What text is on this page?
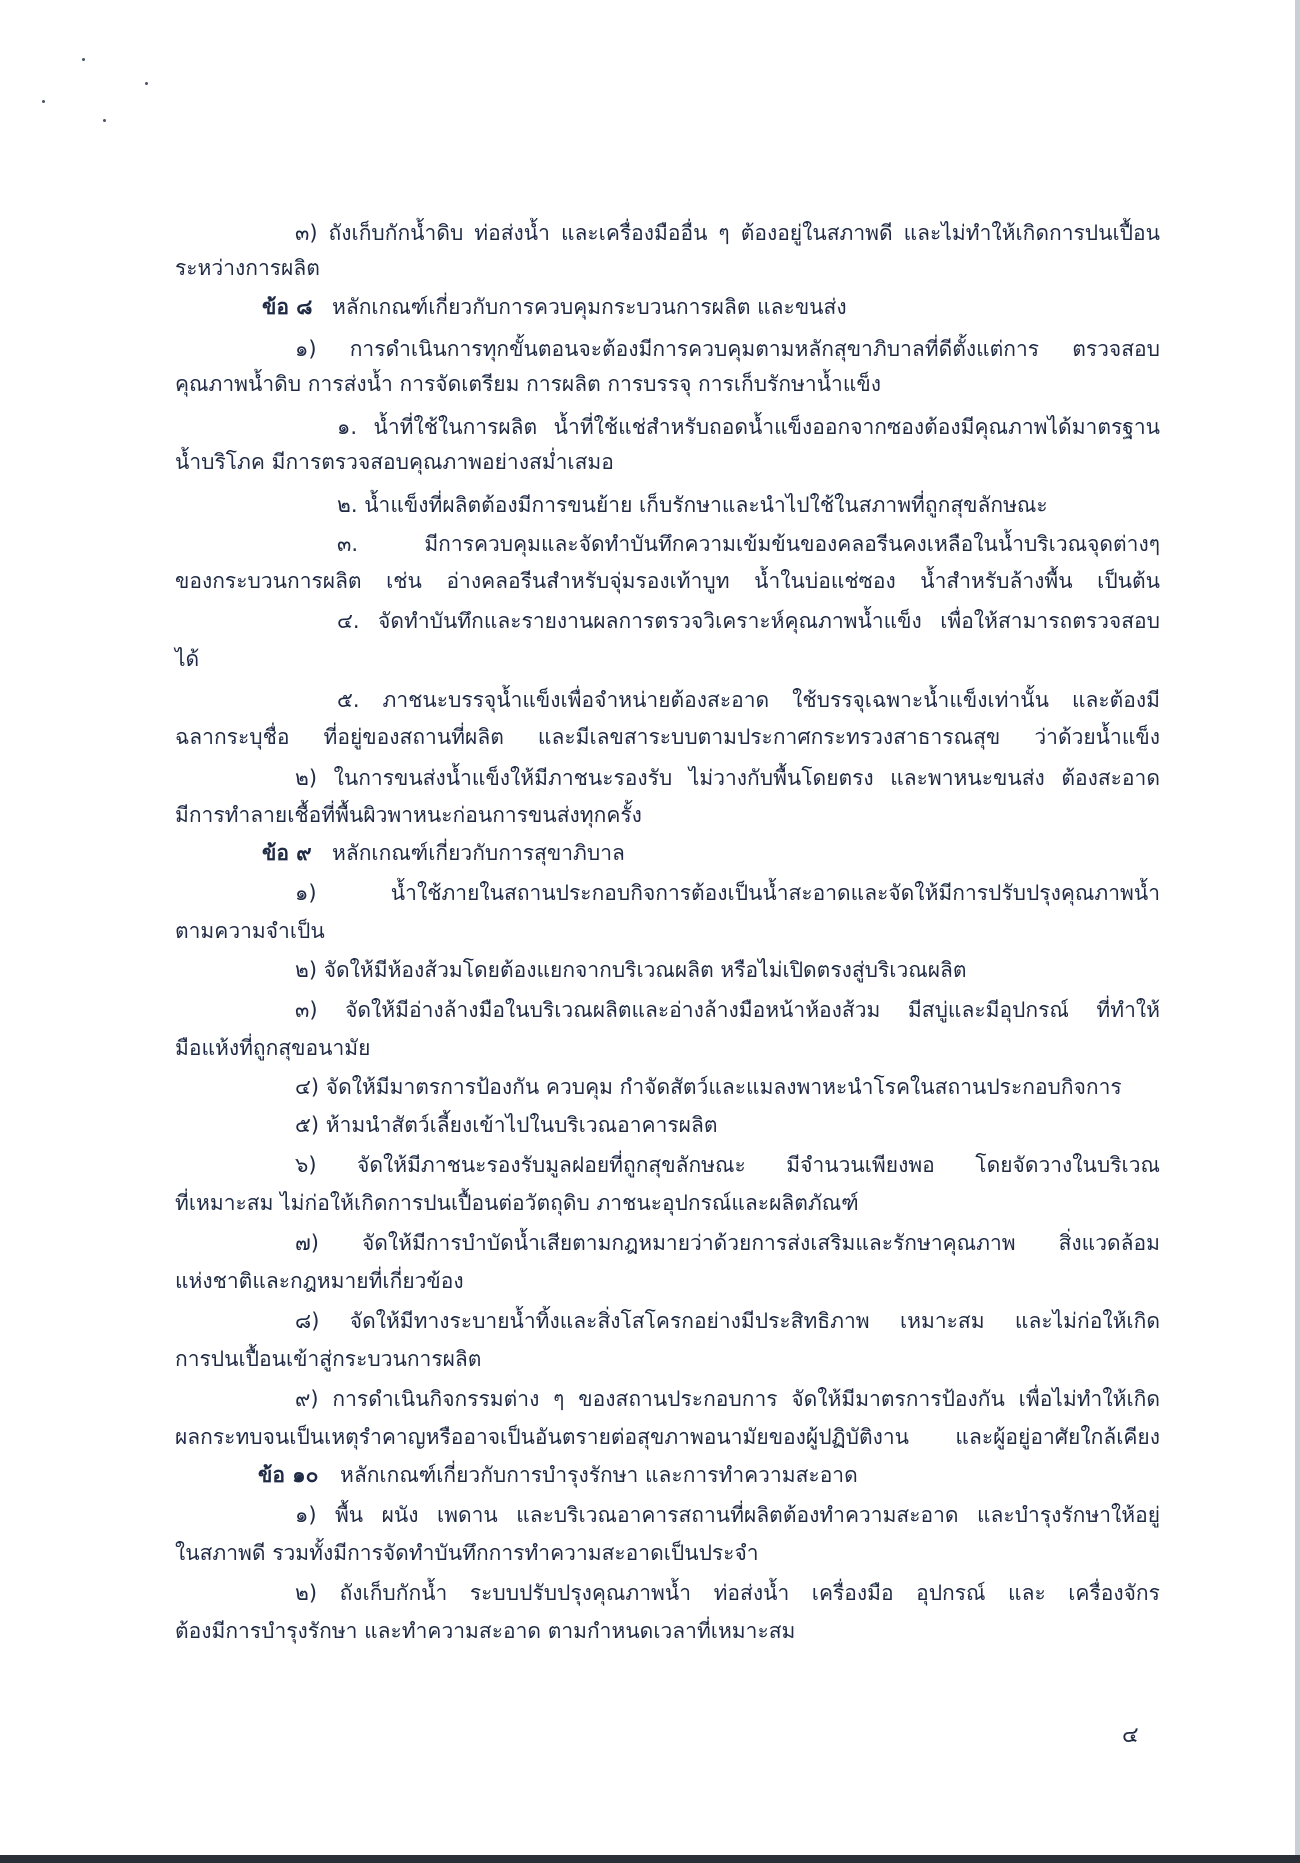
๓) ถังเก็บกักน้ำดิบ ท่อส่งน้ำ และเครื่องมืออื่น ๆ ต้องอยู่ในสภาพดี และไม่ทำให้เกิดการปนเปื้อน
ระหว่างการผลิต
ข้อ ๘ หลักเกณฑ์เกี่ยวกับการควบคุมกระบวนการผลิต และขนส่ง
๑) การดำเนินการทุกขั้นตอนจะต้องมีการควบคุมตามหลักสุขาภิบาลที่ดีตั้งแต่การ ตรวจสอบ
คุณภาพน้ำดิบ การส่งน้ำ การจัดเตรียม การผลิต การบรรจุ การเก็บรักษาน้ำแข็ง
๑. น้ำที่ใช้ในการผลิต น้ำที่ใช้แช่สำหรับถอดน้ำแข็งออกจากซองต้องมีคุณภาพได้มาตรฐาน
น้ำบริโภค มีการตรวจสอบคุณภาพอย่างสม่ำเสมอ
๒. น้ำแข็งที่ผลิตต้องมีการขนย้าย เก็บรักษาและนำไปใช้ในสภาพที่ถูกสุขลักษณะ
๓.	มีการควบคุมและจัดทำบันทึกความเข้มข้นของคลอรีนคงเหลือในน้ำบริเวณจุดต่างๆ
ของกระบวนการผลิต เช่น อ่างคลอรีนสำหรับจุ่มรองเท้าบูท น้ำในบ่อแช่ซอง น้ำสำหรับล้างพื้น เป็นต้น
๔. จัดทำบันทึกและรายงานผลการตรวจวิเคราะห์คุณภาพน้ำแข็ง เพื่อให้สามารถตรวจสอบ
ได้
๕. ภาชนะบรรจุน้ำแข็งเพื่อจำหน่ายต้องสะอาด ใช้บรรจุเฉพาะน้ำแข็งเท่านั้น และต้องมี
ฉลากระบุชื่อ ที่อยู่ของสถานที่ผลิต และมีเลขสาระบบตามประกาศกระทรวงสาธารณสุข ว่าด้วยน้ำแข็ง
๒) ในการขนส่งน้ำแข็งให้มีภาชนะรองรับ ไม่วางกับพื้นโดยตรง และพาหนะขนส่ง ต้องสะอาด
มีการทำลายเชื้อที่พื้นผิวพาหนะก่อนการขนส่งทุกครั้ง
ข้อ ๙ หลักเกณฑ์เกี่ยวกับการสุขาภิบาล
๑)	น้ำใช้ภายในสถานประกอบกิจการต้องเป็นน้ำสะอาดและจัดให้มีการปรับปรุงคุณภาพน้ำ
ตามความจำเป็น
๒) จัดให้มีห้องส้วมโดยต้องแยกจากบริเวณผลิต หรือไม่เปิดตรงสู่บริเวณผลิต
๓) จัดให้มีอ่างล้างมือในบริเวณผลิตและอ่างล้างมือหน้าห้องส้วม มีสบู่และมีอุปกรณ์ ที่ทำให้
มือแห้งที่ถูกสุขอนามัย
๔) จัดให้มีมาตรการป้องกัน ควบคุม กำจัดสัตว์และแมลงพาหะนำโรคในสถานประกอบกิจการ
๕) ห้ามนำสัตว์เลี้ยงเข้าไปในบริเวณอาคารผลิต
๖) จัดให้มีภาชนะรองรับมูลฝอยที่ถูกสุขลักษณะ มีจำนวนเพียงพอ โดยจัดวางในบริเวณ
ที่เหมาะสม ไม่ก่อให้เกิดการปนเปื้อนต่อวัตถุดิบ ภาชนะอุปกรณ์และผลิตภัณฑ์
๗) จัดให้มีการบำบัดน้ำเสียตามกฎหมายว่าด้วยการส่งเสริมและรักษาคุณภาพ สิ่งแวดล้อม
แห่งชาติและกฎหมายที่เกี่ยวข้อง
๘) จัดให้มีทางระบายน้ำทิ้งและสิ่งโสโครกอย่างมีประสิทธิภาพ เหมาะสม และไม่ก่อให้เกิด
การปนเปื้อนเข้าสู่กระบวนการผลิต
๙) การดำเนินกิจกรรมต่าง ๆ ของสถานประกอบการ จัดให้มีมาตรการป้องกัน เพื่อไม่ทำให้เกิด
ผลกระทบจนเป็นเหตุรำคาญหรืออาจเป็นอันตรายต่อสุขภาพอนามัยของผู้ปฏิบัติงาน และผู้อยู่อาศัยใกล้เคียง
ข้อ ๑๐ หลักเกณฑ์เกี่ยวกับการบำรุงรักษา และการทำความสะอาด
๑) พื้น ผนัง เพดาน และบริเวณอาคารสถานที่ผลิตต้องทำความสะอาด และบำรุงรักษาให้อยู่
ในสภาพดี รวมทั้งมีการจัดทำบันทึกการทำความสะอาดเป็นประจำ
๒) ถังเก็บกักน้ำ ระบบปรับปรุงคุณภาพน้ำ ท่อส่งน้ำ เครื่องมือ อุปกรณ์ และ เครื่องจักร
ต้องมีการบำรุงรักษา และทำความสะอาด ตามกำหนดเวลาที่เหมาะสม
๔
